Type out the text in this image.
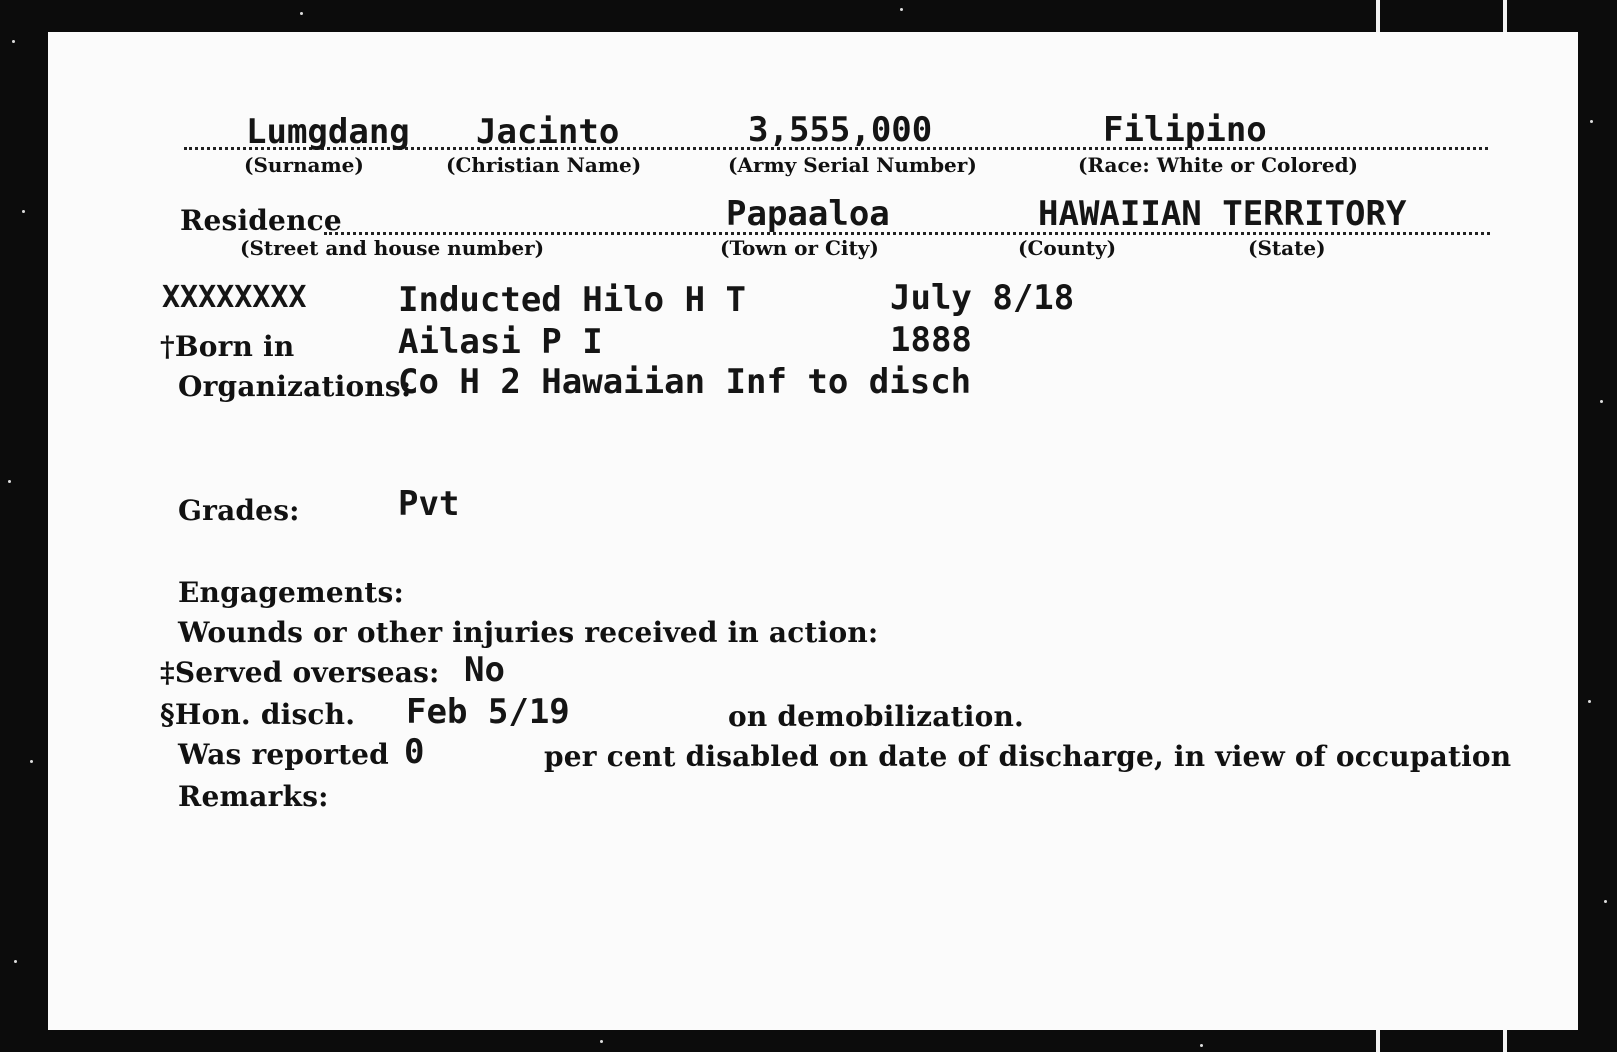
Lumgdang Jacinto	3,555,000	Filipino
(Surname)	(Christian Name)	(Army Serial Number)	(Race: White or Colored)
Residence	Papaaloa	HAWAIIAN TERRITORY
(Street and house number)	(Town or City)	(County)	(State)
XXXXXXXX	Inducted Hilo H T	July 8/18
†Born in	Ailasi P I	1888
Organizations:
Co H 2 Hawaiian Inf to disch
Grades:	Pvt
Engagements:
Wounds or other injuries received in action:
‡Served overseas: No
§Hon. disch. Feb 5/19	on demobilization.
Was reported 0	per cent disabled on date of discharge, in view of occupation
Remarks:
